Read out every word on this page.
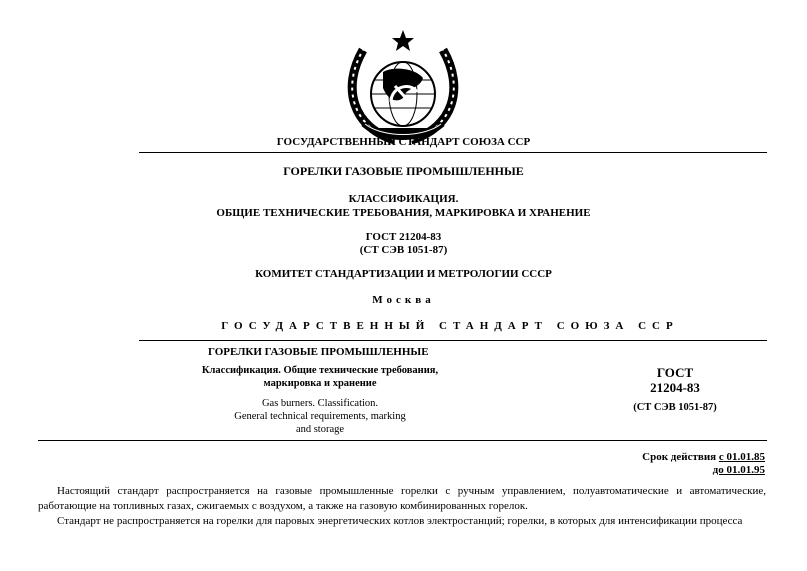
ГОСУДАРСТВЕННЫЙ СТАНДАРТ СОЮЗА ССР
ГОРЕЛКИ ГАЗОВЫЕ ПРОМЫШЛЕННЫЕ
КЛАССИФИКАЦИЯ.
ОБЩИЕ ТЕХНИЧЕСКИЕ ТРЕБОВАНИЯ, МАРКИРОВКА И ХРАНЕНИЕ
ГОСТ 21204-83
(СТ СЭВ 1051-87)
КОМИТЕТ СТАНДАРТИЗАЦИИ И МЕТРОЛОГИИ СССР
Москва
ГОСУДАРСТВЕННЫЙ СТАНДАРТ СОЮЗА ССР
ГОРЕЛКИ ГАЗОВЫЕ ПРОМЫШЛЕННЫЕ
Классификация. Общие технические требования,
маркировка и хранение
Gas burners. Classification.
General technical requirements, marking
and storage
ГОСТ
21204-83
(СТ СЭВ 1051-87)
Срок действия с 01.01.85
до 01.01.95

Настоящий стандарт распространяется на газовые промышленные горелки с ручным управлением, полуавтоматические и автоматические, работающие на топливных газах, сжигаемых с воздухом, а также на газовую комбинированных горелок.

Стандарт не распространяется на горелки для паровых энергетических котлов электростанций; горелки, в которых для интенсификации процесса
